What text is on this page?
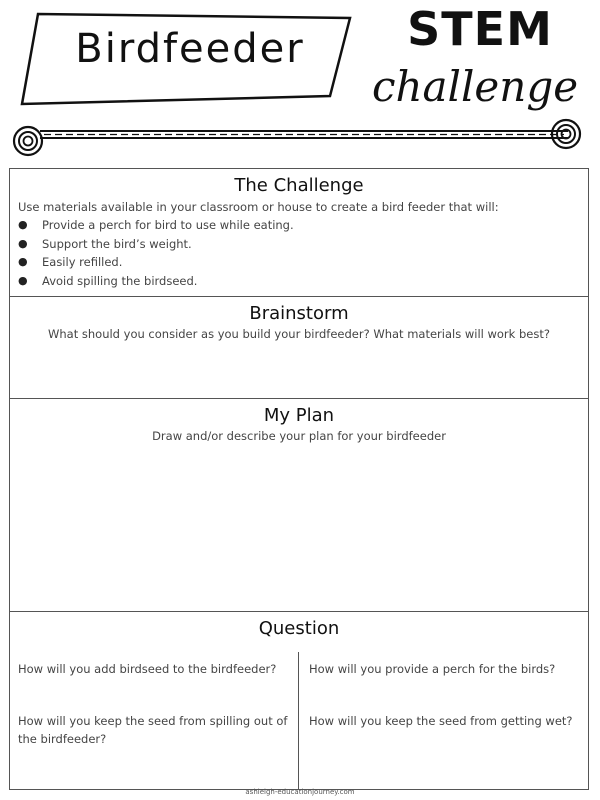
Birdfeeder	STEM
challenge
The Challenge
Use materials available in your classroom or house to create a bird feeder that will:
● Provide a perch for bird to use while eating.
● Support the bird’s weight.
● Easily refilled.
● Avoid spilling the birdseed.
Brainstorm
What should you consider as you build your birdfeeder? What materials will work best?
My Plan
Draw and/or describe your plan for your birdfeeder
Question
How will you add birdseed to the birdfeeder?	How will you provide a perch for the birds?
How will you keep the seed from spilling out of the birdfeeder?
How will you keep the seed from getting wet?
ashleigh-educationjourney.com
